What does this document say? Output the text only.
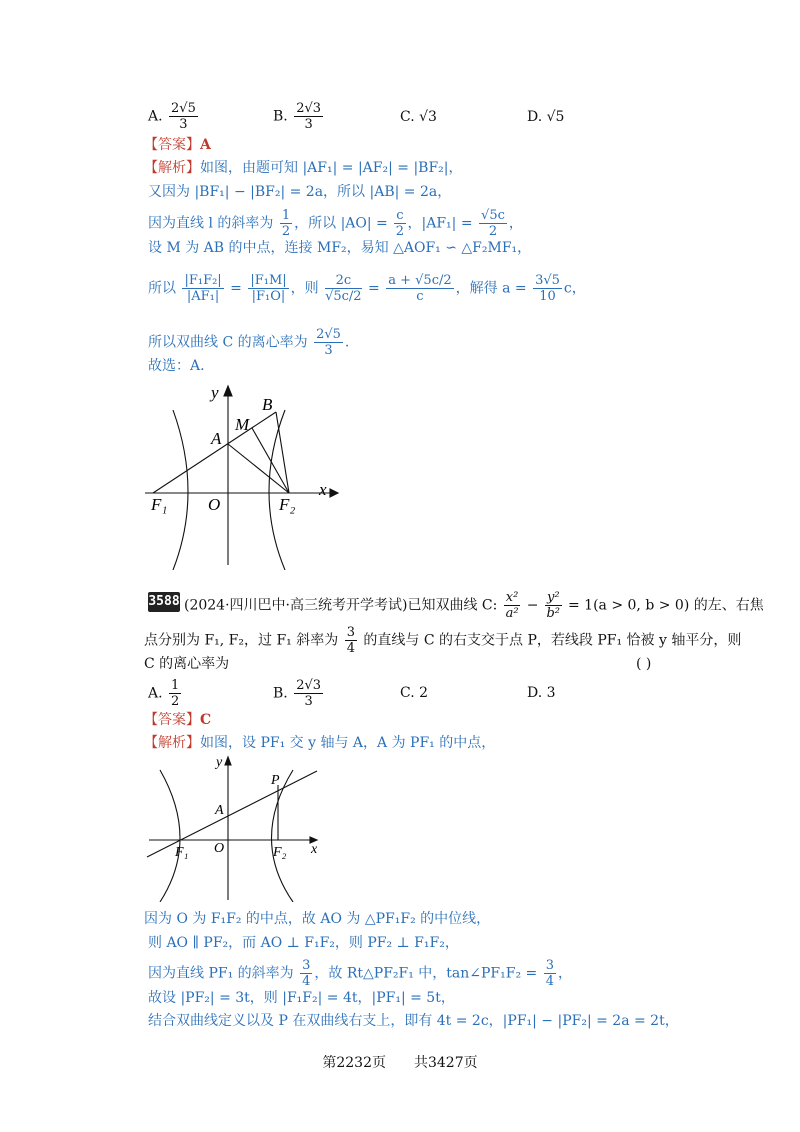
A. $\frac{2√5}{3}$	B. $\frac{2√3}{3}$	C. √3	D. √5
【答案】A
【解析】如图，由题可知 |AF₁| = |AF₂| = |BF₂|，
又因为 |BF₁| − |BF₂| = 2a，所以 |AB| = 2a，
因为直线 l 的斜率为 $\frac{1}{2}$ ，所以 $|AO| = \frac{c}{2}$ ，$|AF_1| = \frac{√5c}{2}$ ，
设 M 为 AB 的中点，连接 MF₂，易知 △AOF₁ ∽ △F₂MF₁，
所以 $\frac{\text{|F₁F₂|}}{\text{|AF₁|}} = \frac{\text{|F₁M|}}{\text{|F₁O|}}$ ，则 $\frac{2c}{√5c/2} = \frac{a + √5c/2}{c}$ ，解得 $a = \frac{3√5}{10}$ c，
所以双曲线 C 的离心率为 $\frac{2√5}{3}$ .
故选：A.
y
B
M
A
F₁ O	F₂
x
3588 (2024·四川巴中·高三统考开学考试)已知双曲线 C: $\frac{\text{x²}}{\text{a²}} - \frac{\text{y²}}{\text{b²}} = 1(a > 0$, b > 0) 的左、右焦
点分别为 F₁, F₂，过 F₁ 斜率为 $\frac{3}{4}$ 的直线与 C 的右支交于点 P，若线段 PF₁ 恰被 y 轴平分，则
C 的离心率为	( )
A. $\frac{1}{2}$	B. $\frac{2√3}{3}$	C. 2	D. 3
【答案】C
【解析】如图，设 PF₁ 交 y 轴与 A，A 为 PF₁ 的中点，
y
P
A
F₁ O	F₂ x
因为 O 为 F₁F₂ 的中点，故 AO 为 △PF₁F₂ 的中位线，
则 AO ∥ PF₂，而 AO ⊥ F₁F₂，则 PF₂ ⊥ F₁F₂，
因为直线 PF₁ 的斜率为 $\frac{3}{4}$ ，故 Rt△PF₂F₁ 中，tan∠PF₁F₂ = $\frac{3}{4}$ ，
故设 |PF₂| = 3t，则 |F₁F₂| = 4t，|PF₁| = 5t，
结合双曲线定义以及 P 在双曲线右支上，即有 4t = 2c，|PF₁| − |PF₂| = 2a = 2t，
第2232页　　共3427页
